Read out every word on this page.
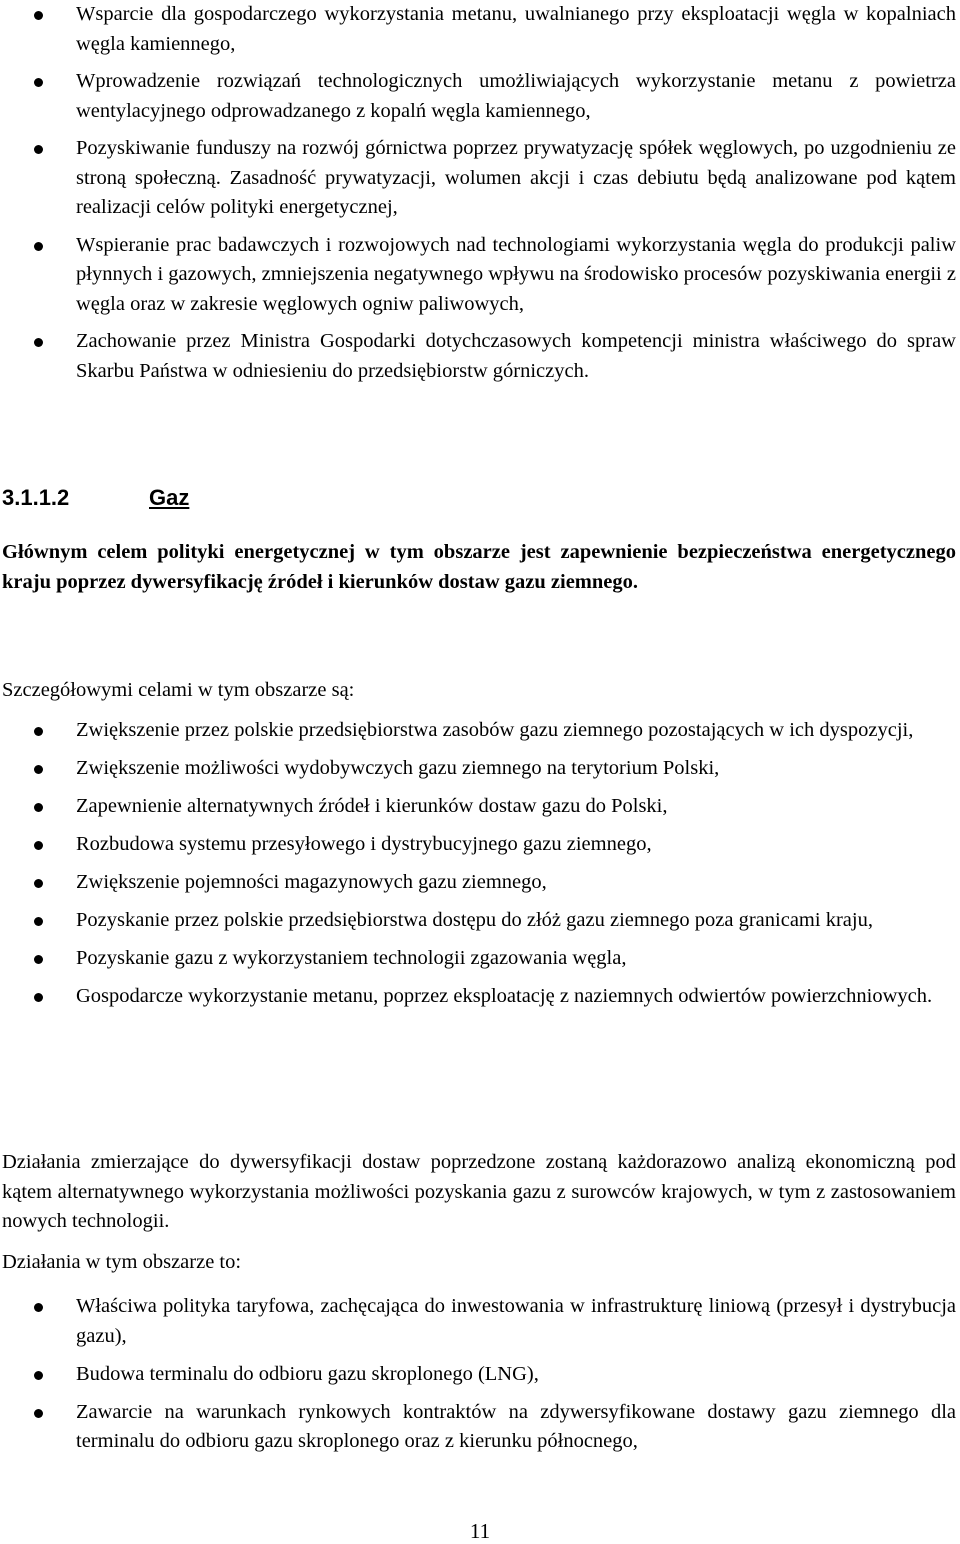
Wsparcie dla gospodarczego wykorzystania metanu, uwalnianego przy eksploatacji węgla w kopalniach węgla kamiennego,
Wprowadzenie rozwiązań technologicznych umożliwiających wykorzystanie metanu z powietrza wentylacyjnego odprowadzanego z kopalń węgla kamiennego,
Pozyskiwanie funduszy na rozwój górnictwa poprzez prywatyzację spółek węglowych, po uzgodnieniu ze stroną społeczną. Zasadność prywatyzacji, wolumen akcji i czas debiutu będą analizowane pod kątem realizacji celów polityki energetycznej,
Wspieranie prac badawczych i rozwojowych nad technologiami wykorzystania węgla do produkcji paliw płynnych i gazowych, zmniejszenia negatywnego wpływu na środowisko procesów pozyskiwania energii z węgla oraz w zakresie węglowych ogniw paliwowych,
Zachowanie przez Ministra Gospodarki dotychczasowych kompetencji ministra właściwego do spraw Skarbu Państwa w odniesieniu do przedsiębiorstw górniczych.
3.1.1.2	Gaz
Głównym celem polityki energetycznej w tym obszarze jest zapewnienie bezpieczeństwa energetycznego kraju poprzez dywersyfikację źródeł i kierunków dostaw gazu ziemnego.
Szczegółowymi celami w tym obszarze są:
Zwiększenie przez polskie przedsiębiorstwa zasobów gazu ziemnego pozostających w ich dyspozycji,
Zwiększenie możliwości wydobywczych gazu ziemnego na terytorium Polski,
Zapewnienie alternatywnych źródeł i kierunków dostaw gazu do Polski,
Rozbudowa systemu przesyłowego i dystrybucyjnego gazu ziemnego,
Zwiększenie pojemności magazynowych gazu ziemnego,
Pozyskanie przez polskie przedsiębiorstwa dostępu do złóż gazu ziemnego poza granicami kraju,
Pozyskanie gazu z wykorzystaniem technologii zgazowania węgla,
Gospodarcze wykorzystanie metanu, poprzez eksploatację z naziemnych odwiertów powierzchniowych.
Działania zmierzające do dywersyfikacji dostaw poprzedzone zostaną każdorazowo analizą ekonomiczną pod kątem alternatywnego wykorzystania możliwości pozyskania gazu z surowców krajowych, w tym z zastosowaniem nowych technologii.
Działania w tym obszarze to:
Właściwa polityka taryfowa, zachęcająca do inwestowania w infrastrukturę liniową (przesył i dystrybucja gazu),
Budowa terminalu do odbioru gazu skroplonego (LNG),
Zawarcie na warunkach rynkowych kontraktów na zdywersyfikowane dostawy gazu ziemnego dla terminalu do odbioru gazu skroplonego oraz z kierunku północnego,
11
